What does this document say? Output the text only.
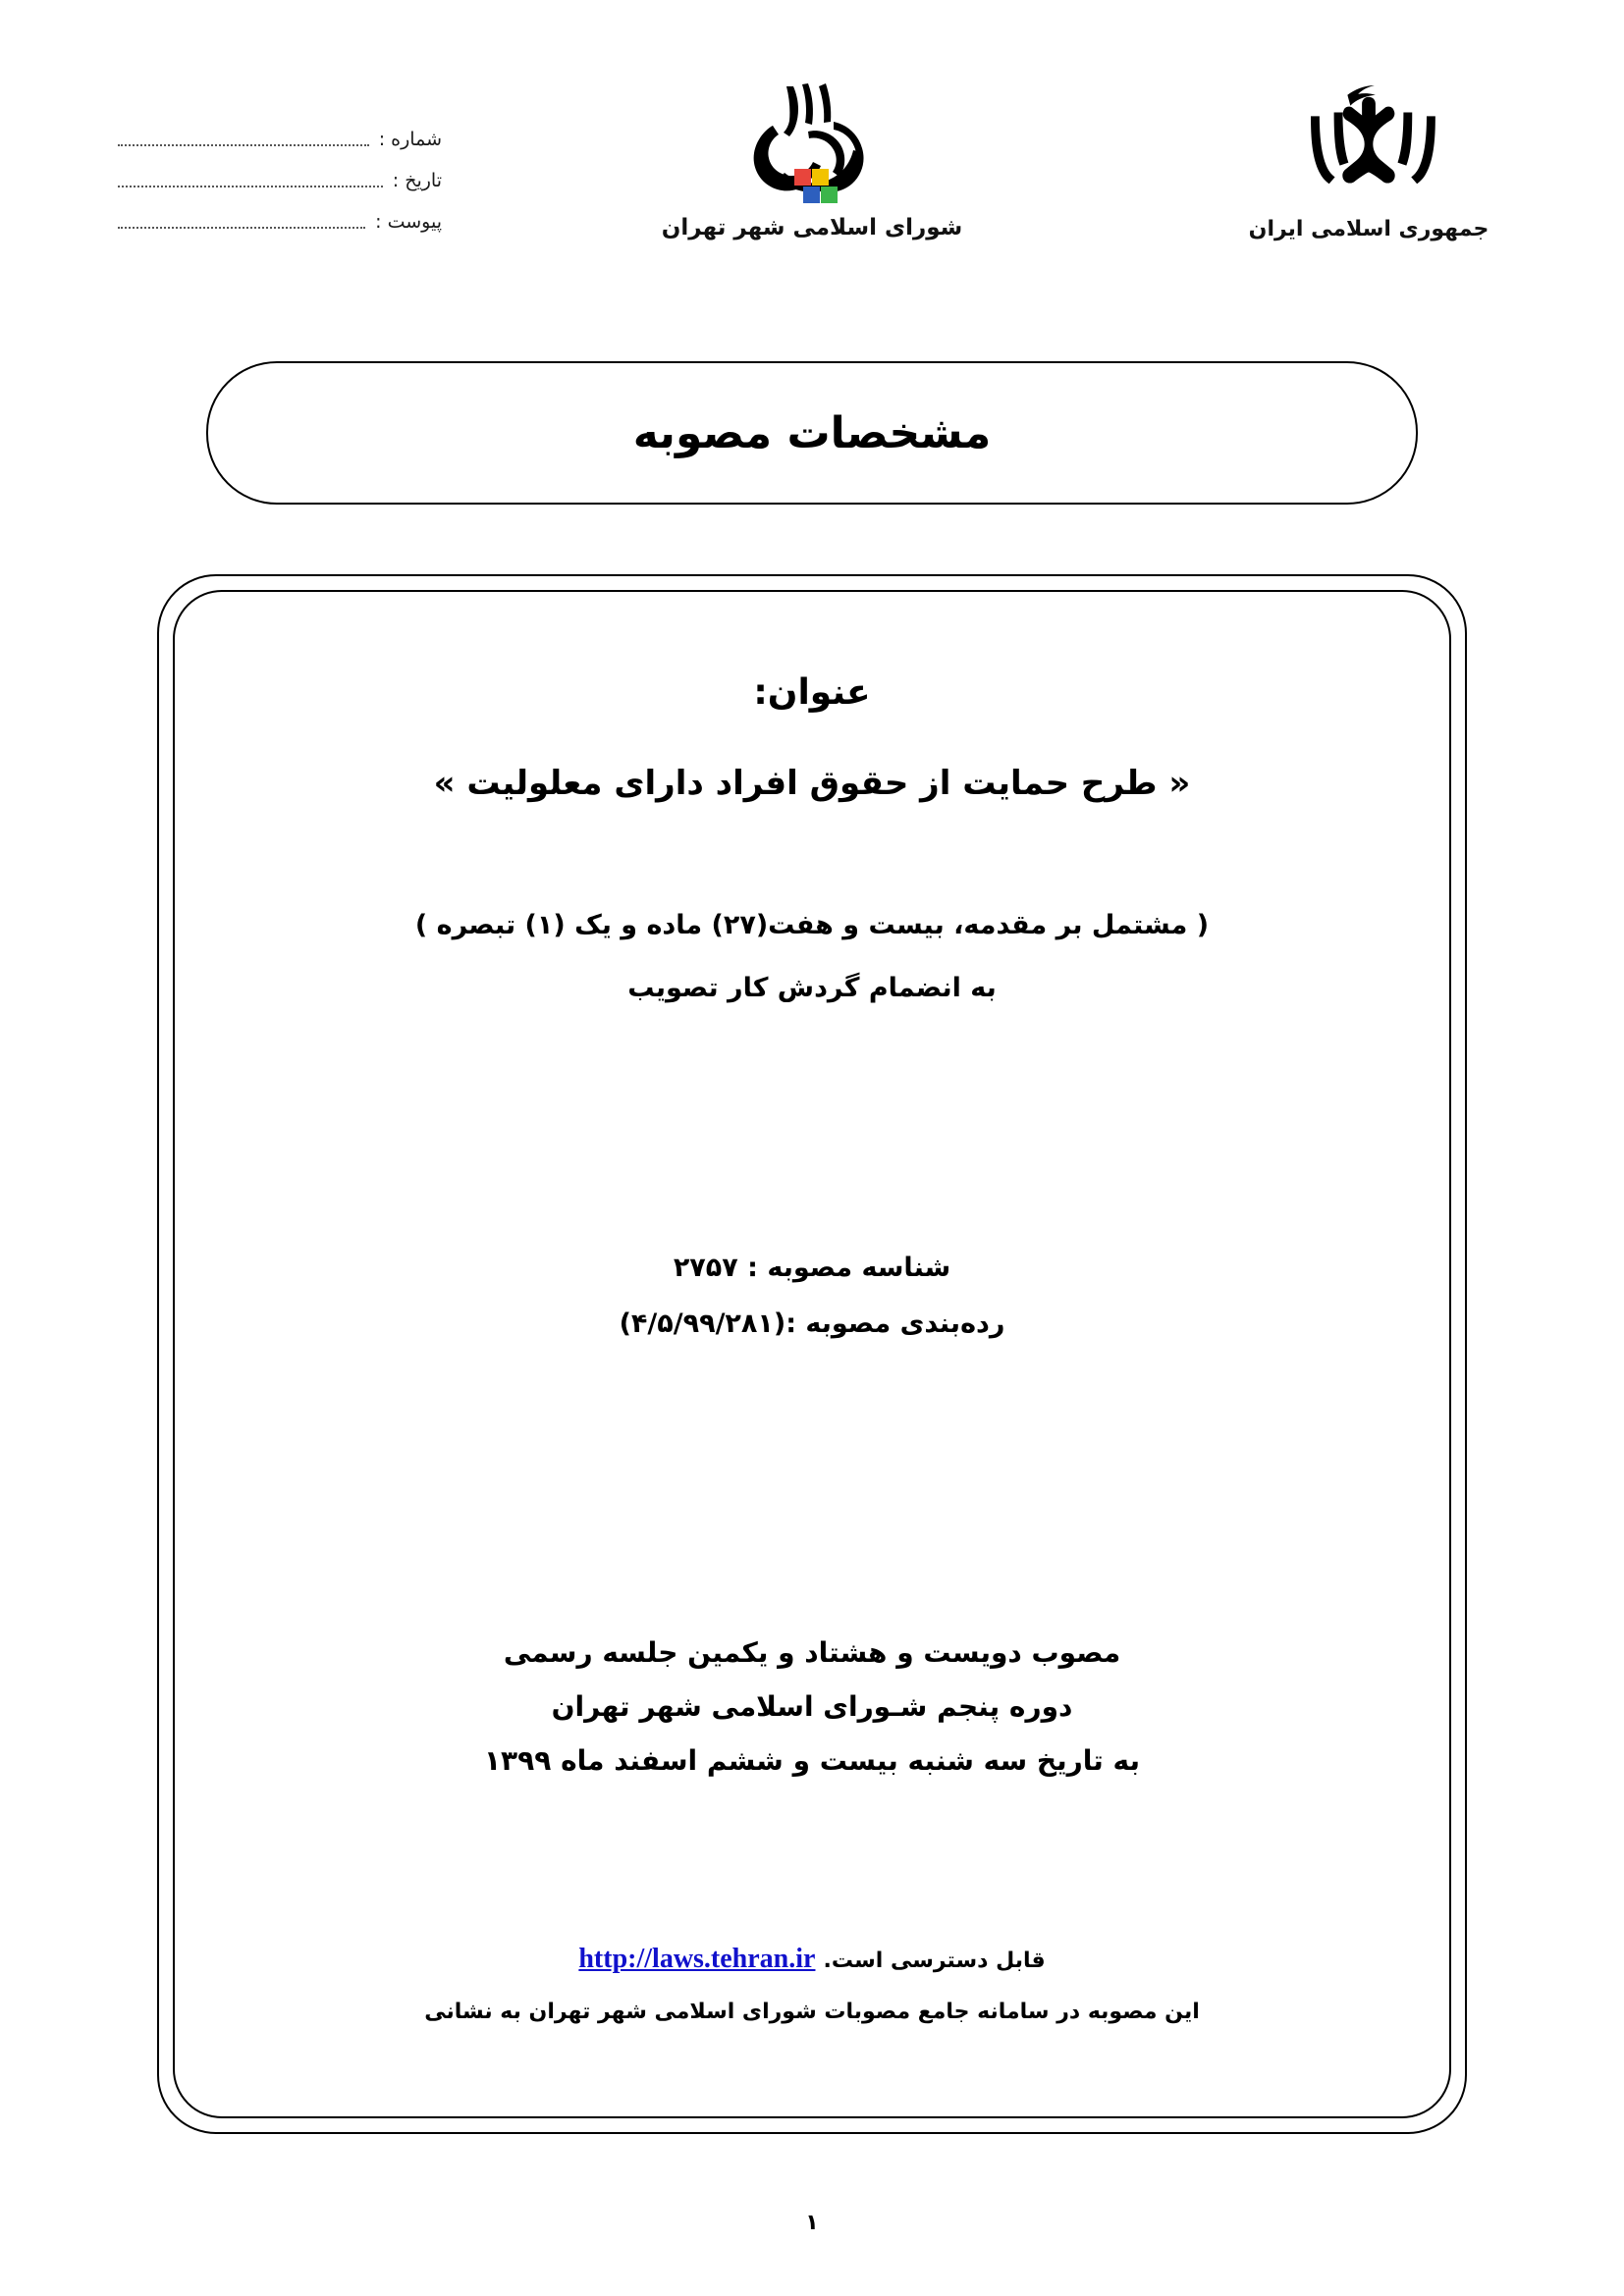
شماره :
تاریخ :
پیوست :	شورای اسلامی شهر تهران	جمهوری اسلامی ایران
مشخصات مصوبه
عنوان:
« طرح حمایت از حقوق افراد دارای معلولیت »
( مشتمل بر مقدمه، بیست و هفت(۲۷) ماده و یک (۱) تبصره )
به انضمام گردش کار تصویب
شناسه مصوبه : ۲۷۵۷
رده‌بندی مصوبه :(۴/۵/۹۹/۲۸۱)
مصوب دویست و هشتاد و یکمین جلسه رسمی
دوره پنجم شـورای اسلامی شهر تهران
به تاریخ سه شنبه بیست و ششم اسفند ماه ۱۳۹۹
قابل دسترسی است.
http://laws.tehran.ir
این مصوبه در سامانه جامع مصوبات شورای اسلامی شهر تهران به نشانی
۱
